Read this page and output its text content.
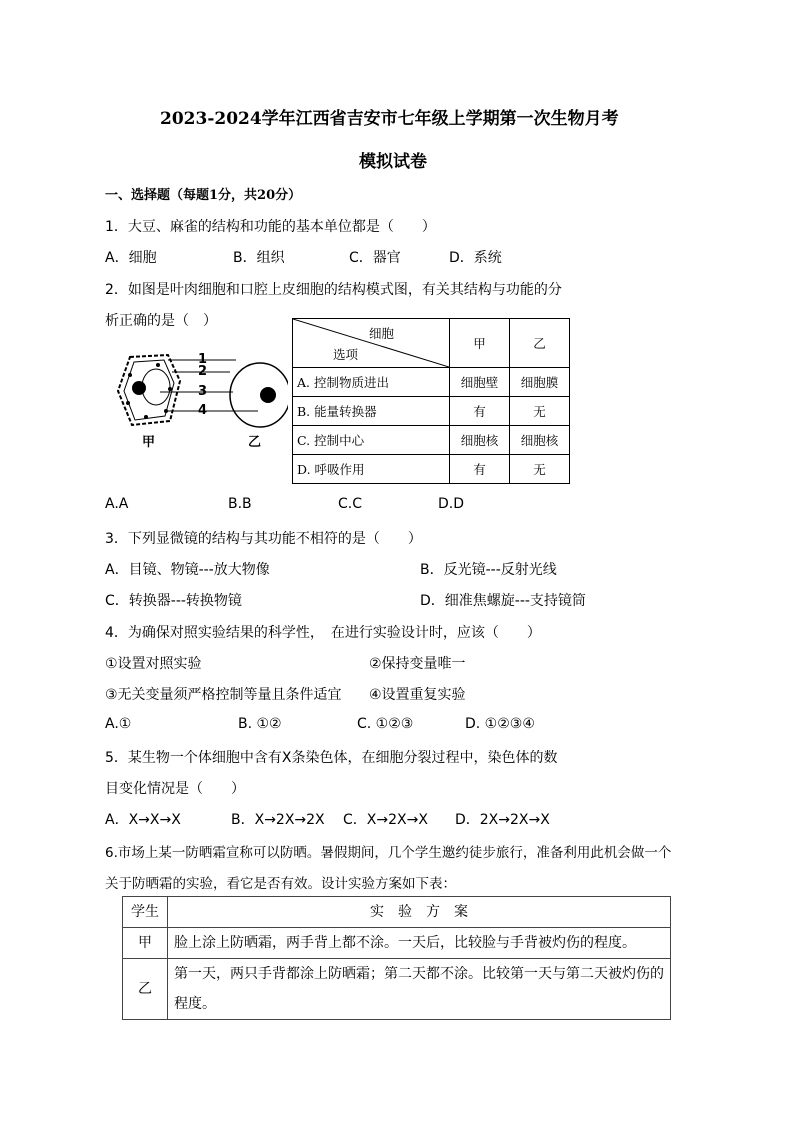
2023-2024学年江西省吉安市七年级上学期第一次生物月考
模拟试卷
一、选择题（每题1分，共20分）
1．大豆、麻雀的结构和功能的基本单位都是（　　）
A．细胞	B．组织	C．器官	D．系统
2．如图是叶肉细胞和口腔上皮细胞的结构模式图，有关其结构与功能的分
析正确的是（　）
1
2
3
4
甲	乙
细胞
选项	甲	乙
A. 控制物质进出	细胞壁	细胞膜
B. 能量转换器	有	无
C. 控制中心	细胞核	细胞核
D. 呼吸作用	有	无
A.A	B.B	C.C	D.D
3．下列显微镜的结构与其功能不相符的是（　　）
A．目镜、物镜---放大物像	B．反光镜---反射光线
C．转换器---转换物镜	D．细准焦螺旋---支持镜筒
4．为确保对照实验结果的科学性，　在进行实验设计时，应该（　　）
①设置对照实验	②保持变量唯一
③无关变量须严格控制等量且条件适宜 ④设置重复实验
A.①	B. ①②	C. ①②③	D. ①②③④
5．某生物一个体细胞中含有X条染色体，在细胞分裂过程中，染色体的数
目变化情况是（　　）
A．X→X→X	B．X→2X→2X C．X→2X→X D．2X→2X→X
6.市场上某一防晒霜宣称可以防晒。暑假期间，几个学生邀约徒步旅行，准备利用此机会做一个
关于防晒霜的实验，看它是否有效。设计实验方案如下表：
学生	实　验　方　案
甲	脸上涂上防晒霜，两手背上都不涂。一天后，比较脸与手背被灼伤的程度。
乙	第一天，两只手背都涂上防晒霜；第二天都不涂。比较第一天与第二天被灼伤的程度。
